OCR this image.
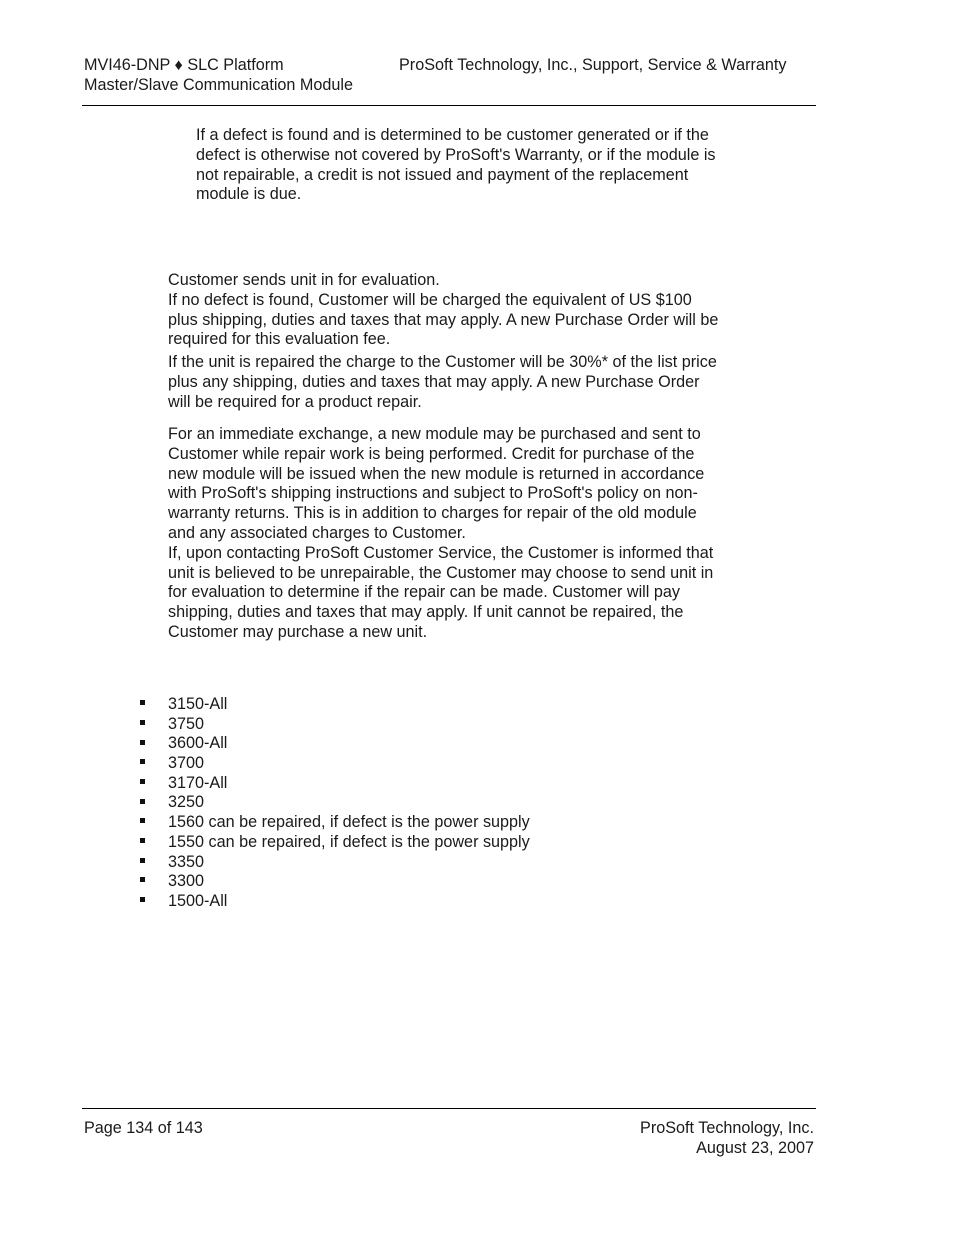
MVI46-DNP ♦ SLC Platform
Master/Slave Communication Module
ProSoft Technology, Inc., Support, Service & Warranty
If a defect is found and is determined to be customer generated or if the
defect is otherwise not covered by ProSoft's Warranty, or if the module is
not repairable, a credit is not issued and payment of the replacement
module is due.
Customer sends unit in for evaluation.
If no defect is found, Customer will be charged the equivalent of US $100
plus shipping, duties and taxes that may apply. A new Purchase Order will be
required for this evaluation fee.
If the unit is repaired the charge to the Customer will be 30%* of the list price
plus any shipping, duties and taxes that may apply. A new Purchase Order
will be required for a product repair.
For an immediate exchange, a new module may be purchased and sent to
Customer while repair work is being performed. Credit for purchase of the
new module will be issued when the new module is returned in accordance
with ProSoft's shipping instructions and subject to ProSoft's policy on non-
warranty returns. This is in addition to charges for repair of the old module
and any associated charges to Customer.
If, upon contacting ProSoft Customer Service, the Customer is informed that
unit is believed to be unrepairable, the Customer may choose to send unit in
for evaluation to determine if the repair can be made. Customer will pay
shipping, duties and taxes that may apply. If unit cannot be repaired, the
Customer may purchase a new unit.
3150-All
3750
3600-All
3700
3170-All
3250
1560 can be repaired, if defect is the power supply
1550 can be repaired, if defect is the power supply
3350
3300
1500-All
Page 134 of 143	ProSoft Technology, Inc.
August 23, 2007
